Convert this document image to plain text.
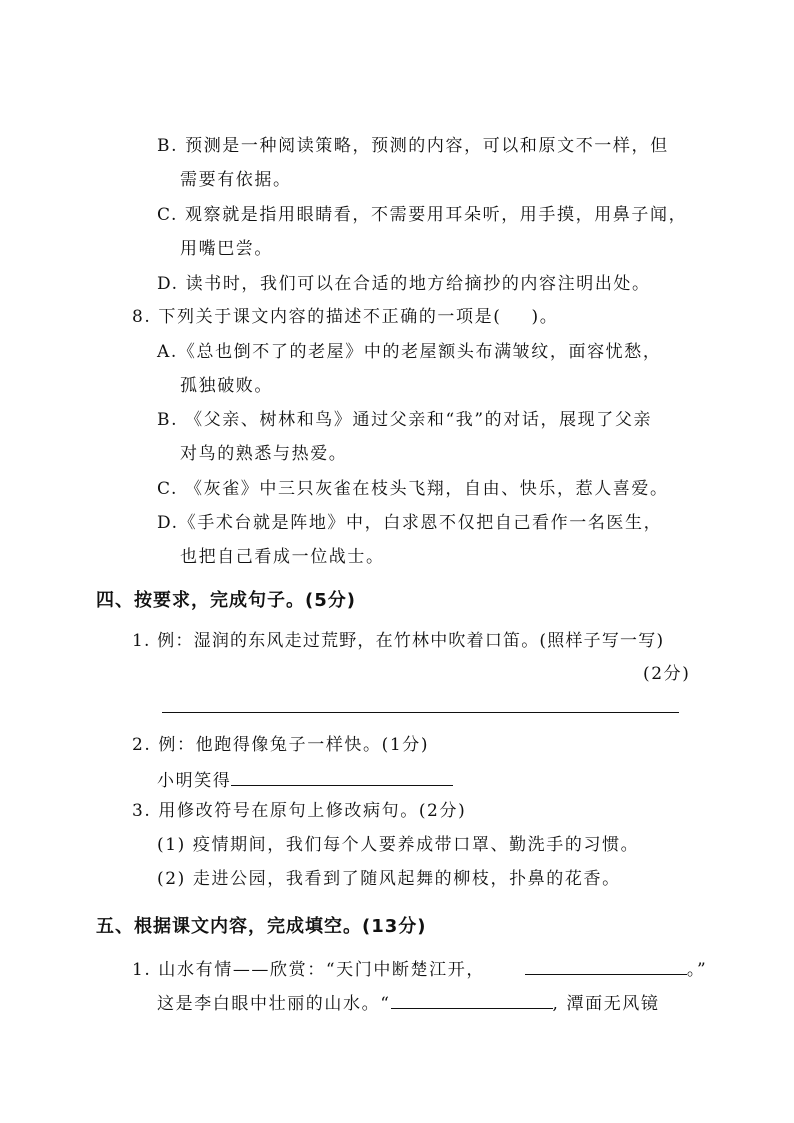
B. 预测是一种阅读策略，预测的内容，可以和原文不一样，但
需要有依据。
C. 观察就是指用眼睛看，不需要用耳朵听，用手摸，用鼻子闻，
用嘴巴尝。
D. 读书时，我们可以在合适的地方给摘抄的内容注明出处。
8. 下列关于课文内容的描述不正确的一项是( )。
A.《总也倒不了的老屋》中的老屋额头布满皱纹，面容忧愁，
孤独破败。
B. 《父亲、树林和鸟》通过父亲和“我”的对话，展现了父亲
对鸟的熟悉与热爱。
C. 《灰雀》中三只灰雀在枝头飞翔，自由、快乐，惹人喜爱。
D.《手术台就是阵地》中，白求恩不仅把自己看作一名医生，
也把自己看成一位战士。
四、按要求，完成句子。(5分)
1. 例：湿润的东风走过荒野，在竹林中吹着口笛。(照样子写一写)
(2分)
2. 例：他跑得像兔子一样快。(1分)
小明笑得
3. 用修改符号在原句上修改病句。(2分)
(1) 疫情期间，我们每个人要养成带口罩、勤洗手的习惯。
(2) 走进公园，我看到了随风起舞的柳枝，扑鼻的花香。
五、根据课文内容，完成填空。(13分)
1. 山水有情——欣赏：“天门中断楚江开，	。”
这是李白眼中壮丽的山水。“	, 潭面无风镜
